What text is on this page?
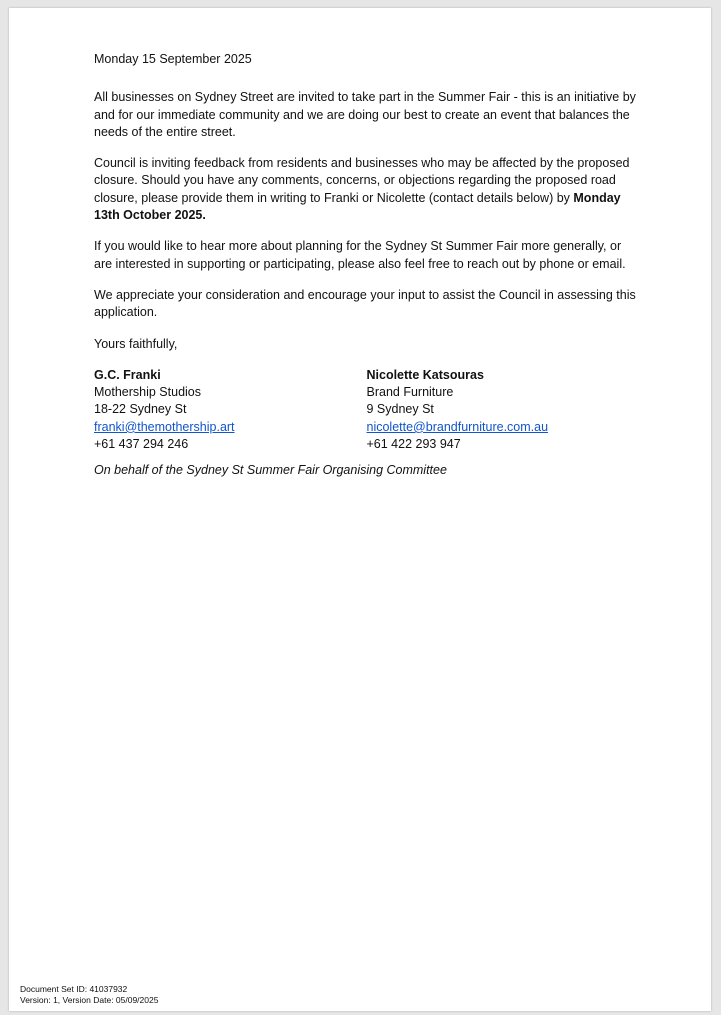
Monday 15 September 2025

All businesses on Sydney Street are invited to take part in the Summer Fair - this is an initiative by and for our immediate community and we are doing our best to create an event that balances the needs of the entire street.

Council is inviting feedback from residents and businesses who may be affected by the proposed closure. Should you have any comments, concerns, or objections regarding the proposed road closure, please provide them in writing to Franki or Nicolette (contact details below) by Monday 13th October 2025.

If you would like to hear more about planning for the Sydney St Summer Fair more generally, or are interested in supporting or participating, please also feel free to reach out by phone or email.

We appreciate your consideration and encourage your input to assist the Council in assessing this application.

Yours faithfully,

G.C. Franki
Mothership Studios
18-22 Sydney St
franki@themothership.art
+61 437 294 246
Nicolette Katsouras
Brand Furniture
9 Sydney St
nicolette@brandfurniture.com.au
+61 422 293 947
On behalf of the Sydney St Summer Fair Organising Committee
Document Set ID: 41037932
Version: 1, Version Date: 05/09/2025
